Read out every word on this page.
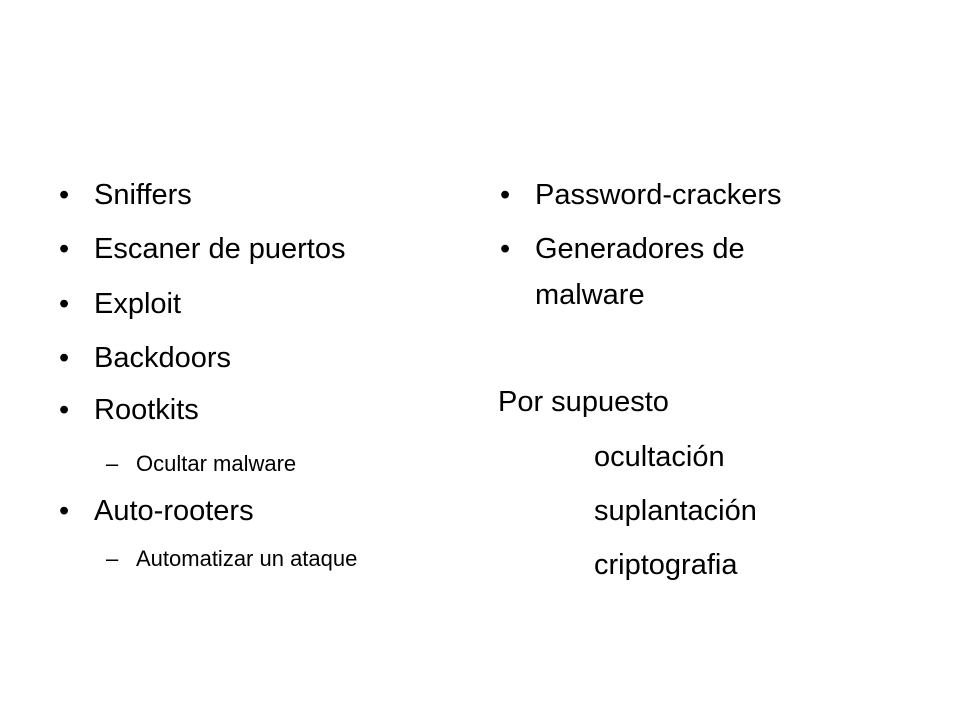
• Sniffers
• Escaner de puertos
• Exploit
• Backdoors
• Rootkits
– Ocultar malware
• Auto-rooters
– Automatizar un ataque
• Password-crackers
• Generadores de
malware
Por supuesto
ocultación
suplantación
criptografia
